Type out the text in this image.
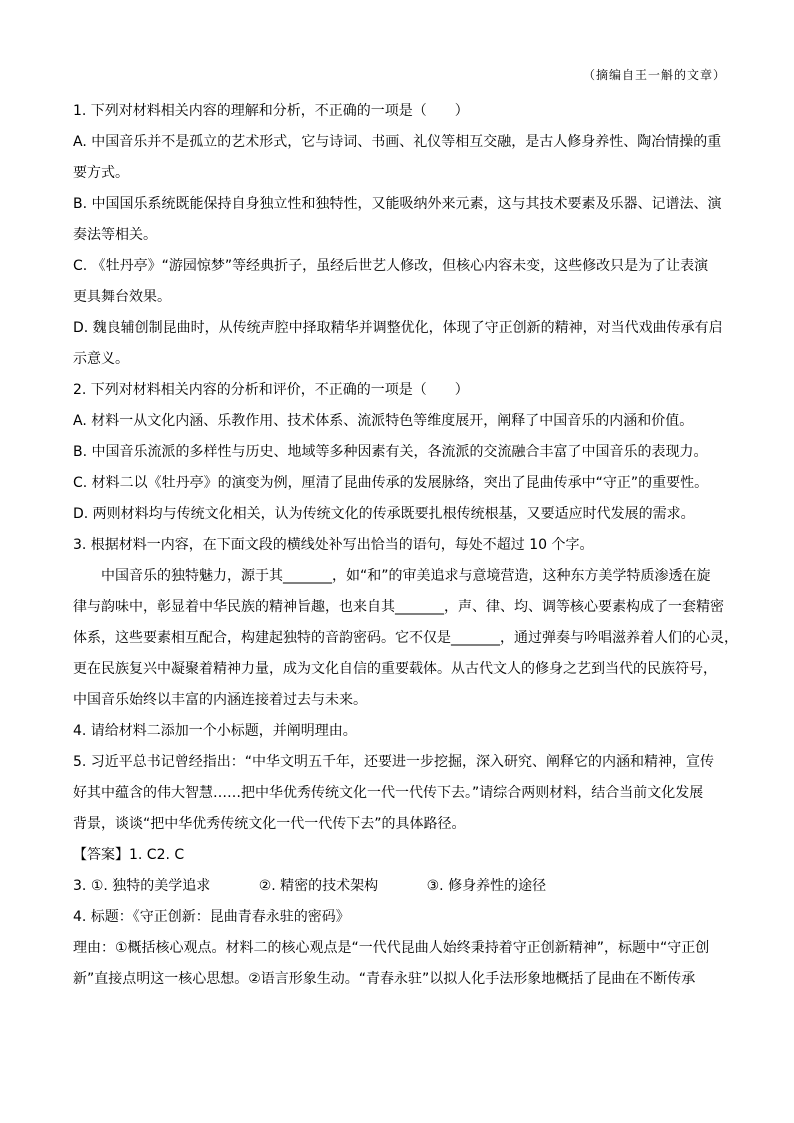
（摘编自王一斛的文章）
1. 下列对材料相关内容的理解和分析，不正确的一项是（　　）
A. 中国音乐并不是孤立的艺术形式，它与诗词、书画、礼仪等相互交融，是古人修身养性、陶冶情操的重
要方式。
B. 中国国乐系统既能保持自身独立性和独特性，又能吸纳外来元素，这与其技术要素及乐器、记谱法、演
奏法等相关。
C. 《牡丹亭》“游园惊梦”等经典折子，虽经后世艺人修改，但核心内容未变，这些修改只是为了让表演
更具舞台效果。
D. 魏良辅创制昆曲时，从传统声腔中择取精华并调整优化，体现了守正创新的精神，对当代戏曲传承有启
示意义。
2. 下列对材料相关内容的分析和评价，不正确的一项是（　　）
A. 材料一从文化内涵、乐教作用、技术体系、流派特色等维度展开，阐释了中国音乐的内涵和价值。
B. 中国音乐流派的多样性与历史、地域等多种因素有关，各流派的交流融合丰富了中国音乐的表现力。
C. 材料二以《牡丹亭》的演变为例，厘清了昆曲传承的发展脉络，突出了昆曲传承中“守正”的重要性。
D. 两则材料均与传统文化相关，认为传统文化的传承既要扎根传统根基，又要适应时代发展的需求。
3. 根据材料一内容，在下面文段的横线处补写出恰当的语句，每处不超过 10 个字。
中国音乐的独特魅力，源于其_______，如“和”的审美追求与意境营造，这种东方美学特质渗透在旋
律与韵味中，彰显着中华民族的精神旨趣，也来自其_______，声、律、均、调等核心要素构成了一套精密
体系，这些要素相互配合，构建起独特的音韵密码。它不仅是_______，通过弹奏与吟唱滋养着人们的心灵，
更在民族复兴中凝聚着精神力量，成为文化自信的重要载体。从古代文人的修身之艺到当代的民族符号，
中国音乐始终以丰富的内涵连接着过去与未来。
4. 请给材料二添加一个小标题，并阐明理由。
5. 习近平总书记曾经指出：“中华文明五千年，还要进一步挖掘，深入研究、阐释它的内涵和精神，宣传
好其中蕴含的伟大智慧……把中华优秀传统文化一代一代传下去。”请综合两则材料，结合当前文化发展
背景，谈谈“把中华优秀传统文化一代一代传下去”的具体路径。
【答案】1. C2. C
3. ①. 独特的美学追求	②. 精密的技术架构	③. 修身养性的途径
4. 标题：《守正创新：昆曲青春永驻的密码》
理由：①概括核心观点。材料二的核心观点是“一代代昆曲人始终秉持着守正创新精神”，标题中“守正创
新”直接点明这一核心思想。②语言形象生动。“青春永驻”以拟人化手法形象地概括了昆曲在不断传承
